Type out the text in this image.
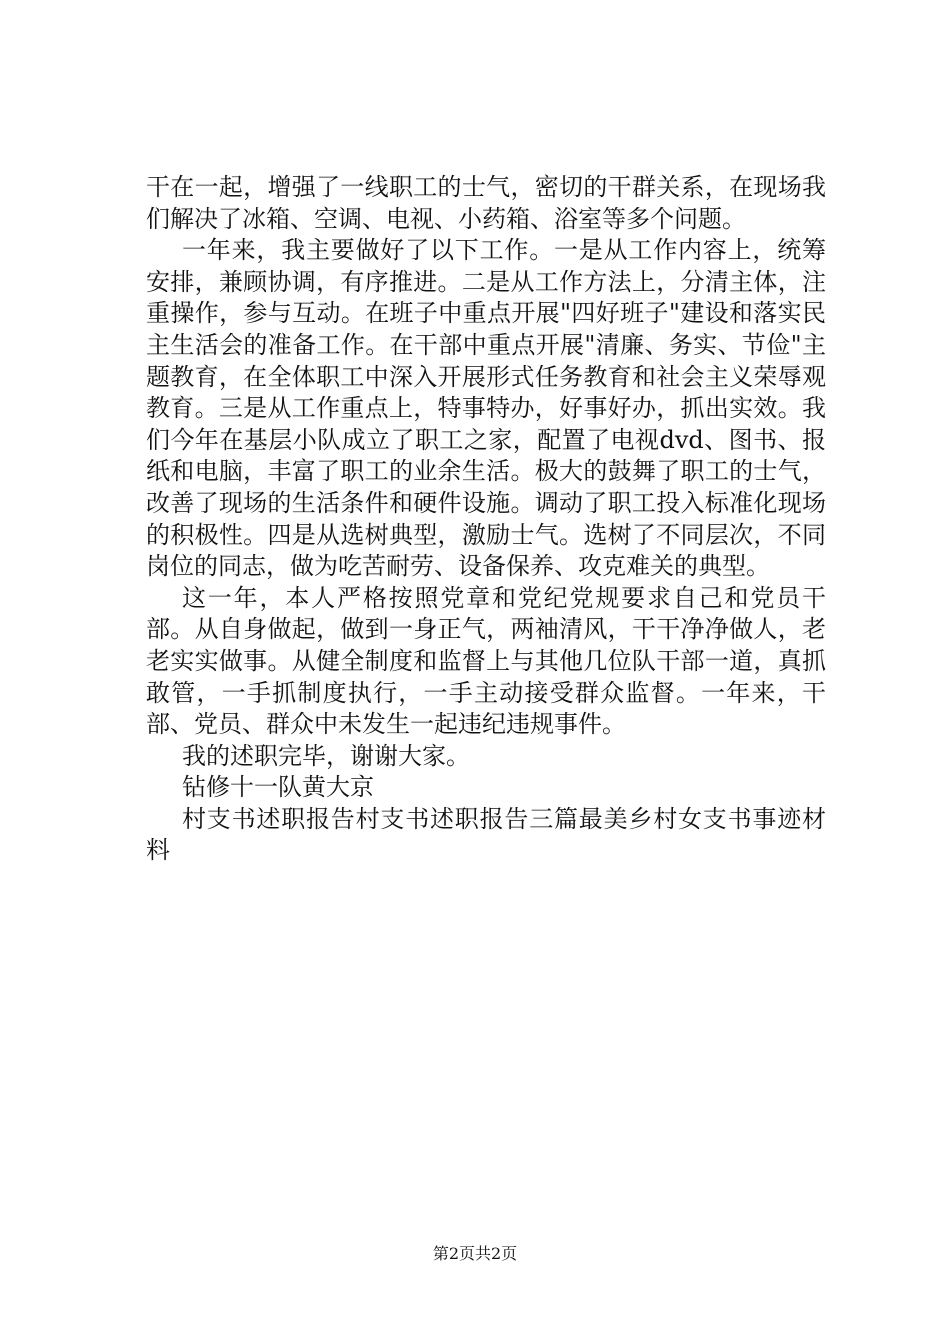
干在一起，增强了一线职工的士气，密切的干群关系，在现场我们解决了冰箱、空调、电视、小药箱、浴室等多个问题。

一年来，我主要做好了以下工作。一是从工作内容上，统筹安排，兼顾协调，有序推进。二是从工作方法上，分清主体，注重操作，参与互动。在班子中重点开展"四好班子"建设和落实民主生活会的准备工作。在干部中重点开展"清廉、务实、节俭"主题教育，在全体职工中深入开展形式任务教育和社会主义荣辱观教育。三是从工作重点上，特事特办，好事好办，抓出实效。我们今年在基层小队成立了职工之家，配置了电视dvd、图书、报纸和电脑，丰富了职工的业余生活。极大的鼓舞了职工的士气，改善了现场的生活条件和硬件设施。调动了职工投入标准化现场的积极性。四是从选树典型，激励士气。选树了不同层次，不同岗位的同志，做为吃苦耐劳、设备保养、攻克难关的典型。

这一年，本人严格按照党章和党纪党规要求自己和党员干部。从自身做起，做到一身正气，两袖清风，干干净净做人，老老实实做事。从健全制度和监督上与其他几位队干部一道，真抓敢管，一手抓制度执行，一手主动接受群众监督。一年来，干部、党员、群众中未发生一起违纪违规事件。

我的述职完毕，谢谢大家。

钻修十一队黄大京

村支书述职报告村支书述职报告三篇最美乡村女支书事迹材料

第2页共2页
